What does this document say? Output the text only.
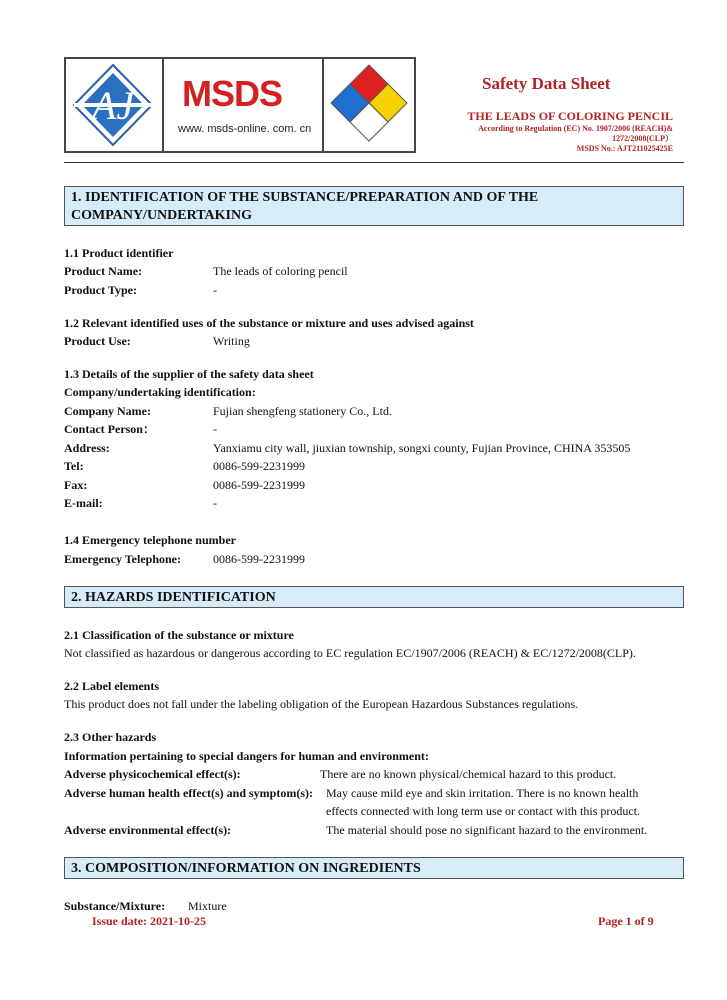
AJ MSDS
www. msds-online. com. cn
Safety Data Sheet
THE LEADS OF COLORING PENCIL
According to Regulation (EC) No. 1907/2006 (REACH)&
1272/2008(CLP）
MSDS No.: AJT211025425E
1. IDENTIFICATION OF THE SUBSTANCE/PREPARATION AND OF THE
COMPANY/UNDERTAKING
1.1 Product identifier
Product Name:	The leads of coloring pencil
Product Type:	-
1.2 Relevant identified uses of the substance or mixture and uses advised against
Product Use:	Writing
1.3 Details of the supplier of the safety data sheet
Company/undertaking identification:
Company Name:	Fujian shengfeng stationery Co., Ltd.
Contact Person：	-
Address:	Yanxiamu city wall, jiuxian township, songxi county, Fujian Province, CHINA 353505
Tel:	0086-599-2231999
Fax:	0086-599-2231999
E-mail:	-
1.4 Emergency telephone number
Emergency Telephone:	0086-599-2231999
2. HAZARDS IDENTIFICATION
2.1 Classification of the substance or mixture
Not classified as hazardous or dangerous according to EC regulation EC/1907/2006 (REACH) & EC/1272/2008(CLP).
2.2 Label elements
This product does not fall under the labeling obligation of the European Hazardous Substances regulations.
2.3 Other hazards
Information pertaining to special dangers for human and environment:
Adverse physicochemical effect(s):	There are no known physical/chemical hazard to this product.
Adverse human health effect(s) and symptom(s): May cause mild eye and skin irritation. There is no known health
effects connected with long term use or contact with this product.
Adverse environmental effect(s):	The material should pose no significant hazard to the environment.
3. COMPOSITION/INFORMATION ON INGREDIENTS
Substance/Mixture: Mixture
Issue date: 2021-10-25	Page 1 of 9
